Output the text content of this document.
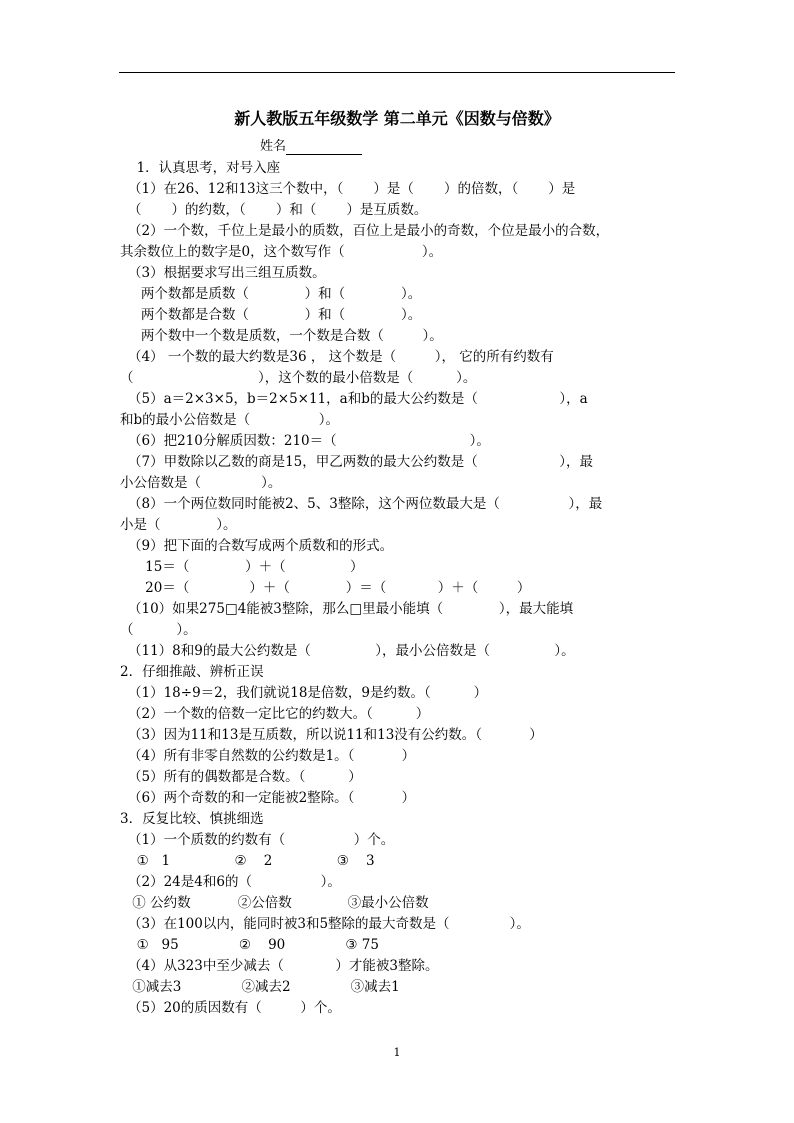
新人教版五年级数学 第二单元《因数与倍数》
姓名
1．认真思考，对号入座
（1）在26、12和13这三个数中，（       ）是（       ）的倍数，（       ）是
（       ）的约数，（       ）和（       ）是互质数。
（2）一个数，千位上是最小的质数，百位上是最小的奇数，个位是最小的合数，
其余数位上的数字是0，这个数写作（                  ）。
（3）根据要求写出三组互质数。
两个数都是质数（             ）和（             ）。
两个数都是合数（             ）和（             ）。
两个数中一个数是质数，一个数是合数（         ）。
（4） 一个数的最大约数是36 ， 这个数是（         ）， 它的所有约数有
（                             ），这个数的最小倍数是（          ）。
（5）a＝2×3×5，b＝2×5×11，a和b的最大公约数是（                   ），a
和b的最小公倍数是（                ）。
（6）把210分解质因数：210＝（                               ）。
（7）甲数除以乙数的商是15，甲乙两数的最大公约数是（                   ），最
小公倍数是（              ）。
（8）一个两位数同时能被2、5、3整除，这个两位数最大是（                ），最
小是（             ）。
（9）把下面的合数写成两个质数和的形式。
15＝（             ）＋（               ）
20＝（              ）＋（             ）＝（            ）＋（         ）
（10）如果275□4能被3整除，那么□里最小能填（             ），最大能填
（          ）。
（11）8和9的最大公约数是（               ），最小公倍数是（               ）。
2．仔细推敲、辨析正误
（1）18÷9＝2，我们就说18是倍数，9是约数。（          ）
（2）一个数的倍数一定比它的约数大。（          ）
（3）因为11和13是互质数，所以说11和13没有公约数。（           ）
（4）所有非零自然数的公约数是1。（           ）
（5）所有的偶数都是合数。（          ）
（6）两个奇数的和一定能被2整除。（           ）
3．反复比较、慎挑细选
（1）一个质数的约数有（                ）个。
①   1               ②    2               ③    3
（2）24是4和6的（                ）。
① 公约数           ②公倍数             ③最小公倍数
（3）在100以内，能同时被3和5整除的最大奇数是（              ）。
①   95              ②    90              ③ 75
（4）从323中至少减去（            ）才能被3整除。
①减去3              ②减去2              ③减去1
（5）20的质因数有（         ）个。
1
